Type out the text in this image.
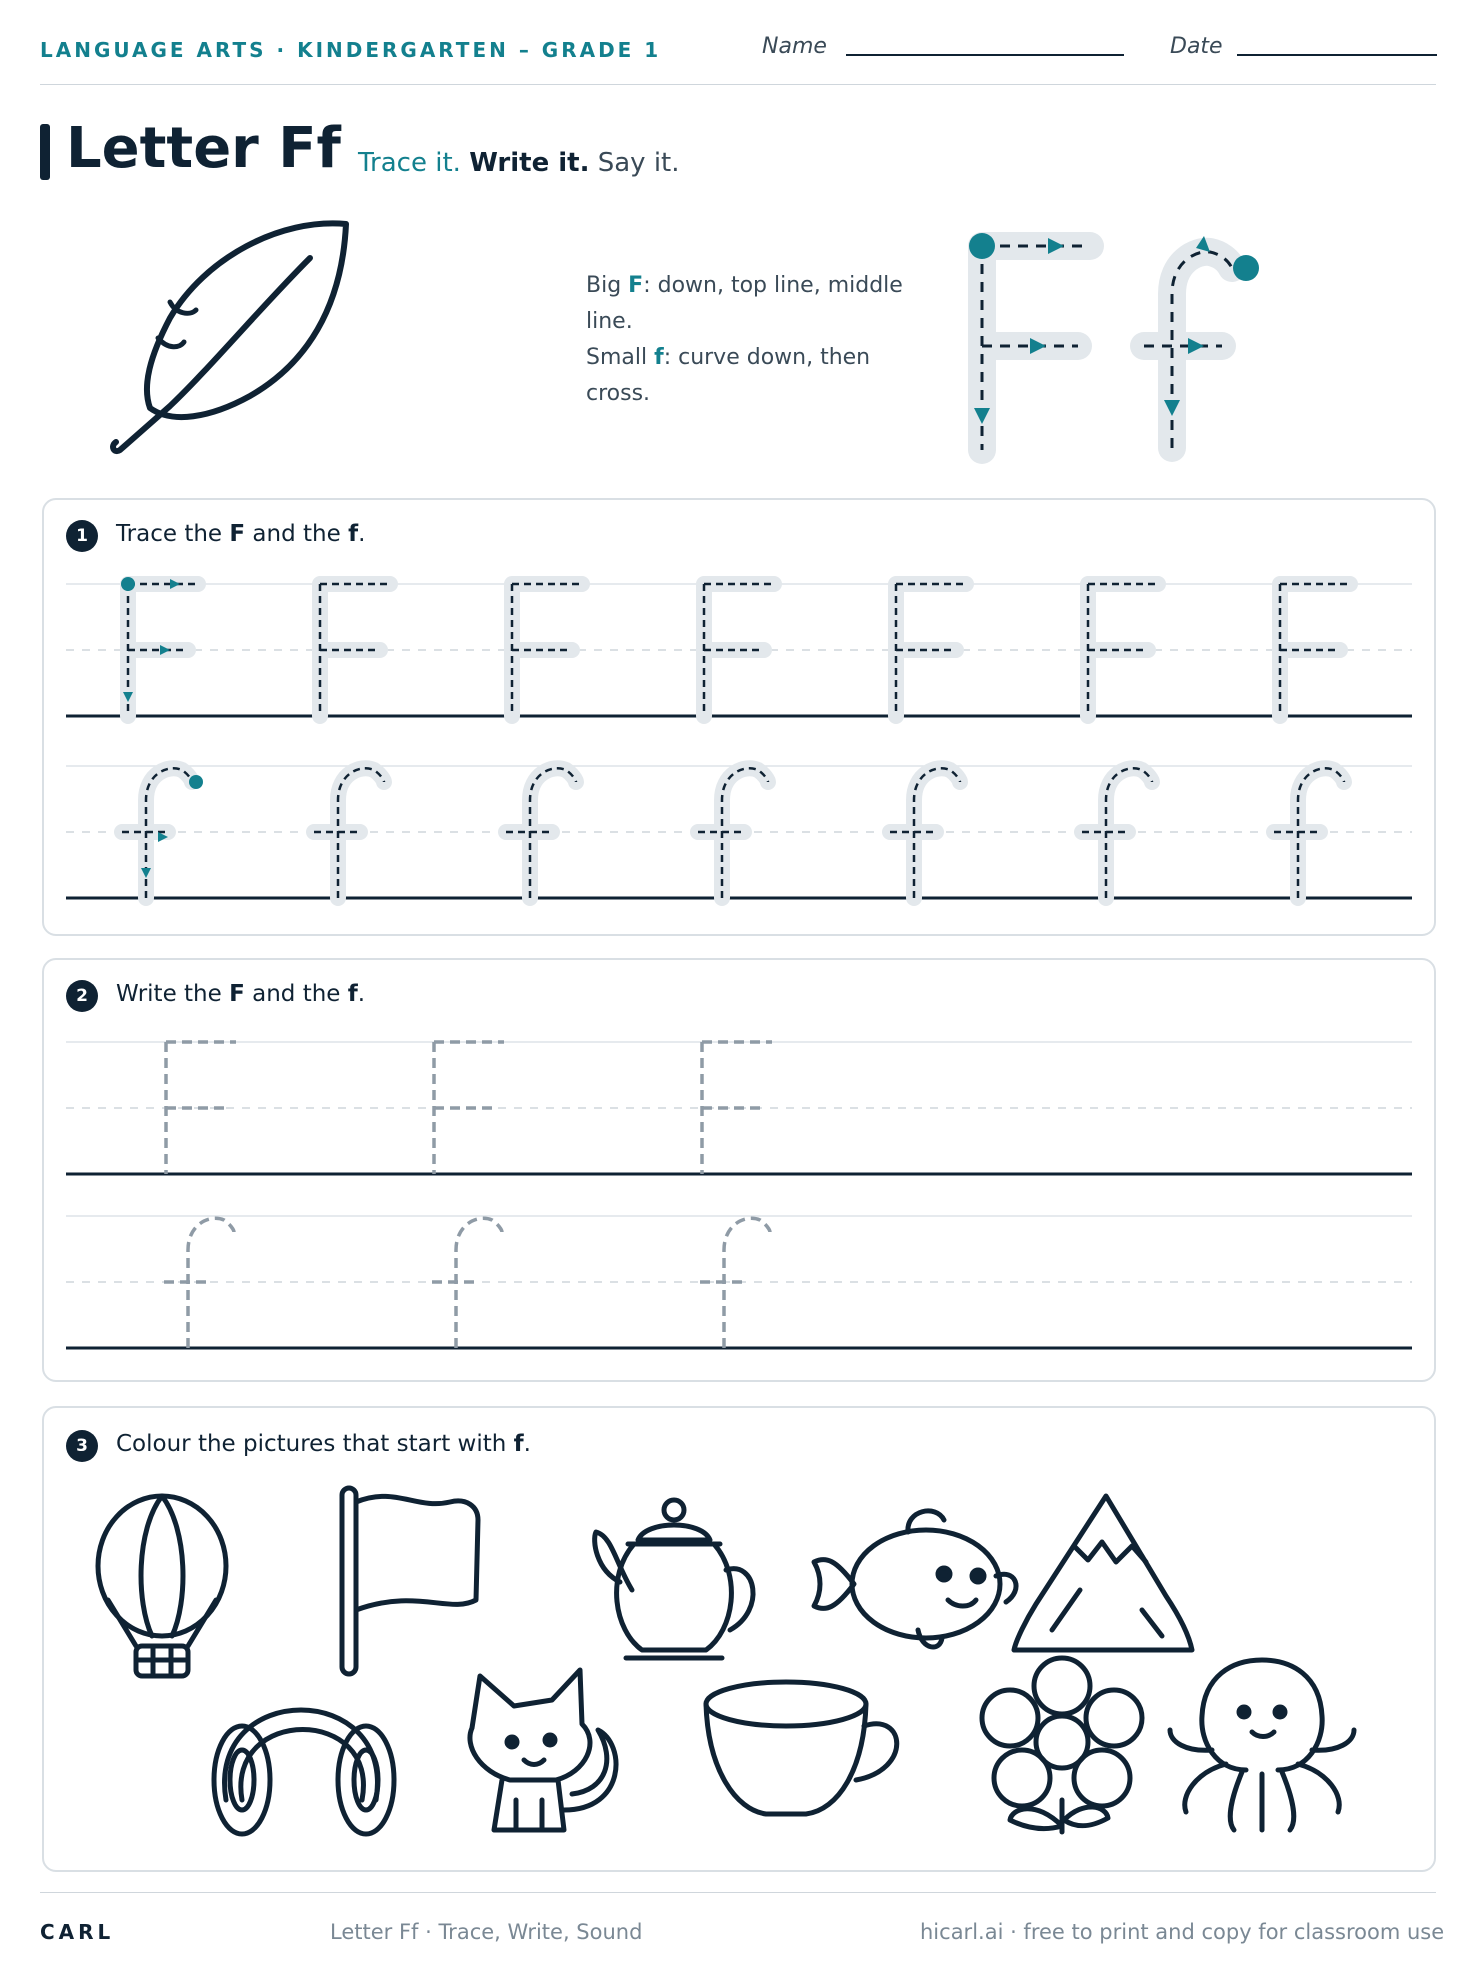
LANGUAGE ARTS · KINDERGARTEN – GRADE 1	Name	Date
Letter Ff Trace it. Write it. Say it.
Big F: down, top line, middle line.
Small f: curve down, then cross.
1	Trace the F and the f.
2	Write the F and the f.
3	Colour the pictures that start with f.
CARL	Letter Ff · Trace, Write, Sound	hicarl.ai · free to print and copy for classroom use
